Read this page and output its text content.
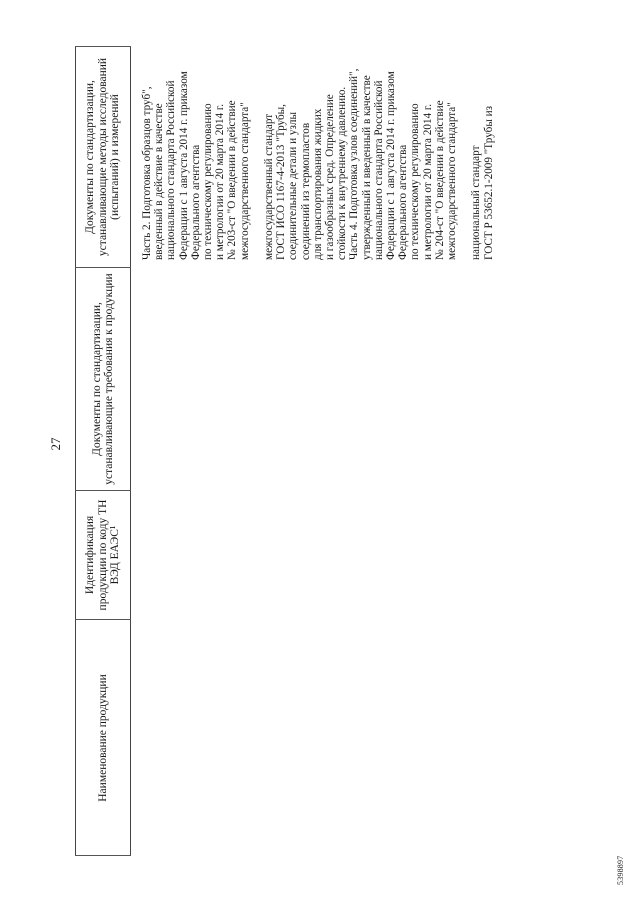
27
Наименование продукции
Идентификация продукции по коду ТН ВЭД ЕАЭС¹
Документы по стандартизации, устанавливающие требования к продукции
Документы по стандартизации, устанавливающие методы исследований (испытаний) и измерений Часть 2. Подготовка образцов труб", введенный в действие в качестве национального стандарта Российской Федерации с 1 августа 2014 г. приказом Федерального агентства по техническому регулированию и метрологии от 20 марта 2014 г. № 203-ст "О введении в действие межгосударственного стандарта"
межгосударственный стандарт ГОСТ ИСО 1167-4-2013 "Трубы, соединительные детали и узлы соединений из термопластов для транспортирования жидких и газообразных сред. Определение стойкости к внутреннему давлению. Часть 4. Подготовка узлов соединений", утвержденный и введенный в качестве национального стандарта Российской Федерации с 1 августа 2014 г. приказом Федерального агентства по техническому регулированию и метрологии от 20 марта 2014 г. № 204-ст "О введении в действие межгосударственного стандарта"
национальный стандарт ГОСТ Р 53652.1-2009 "Трубы из
5398897
